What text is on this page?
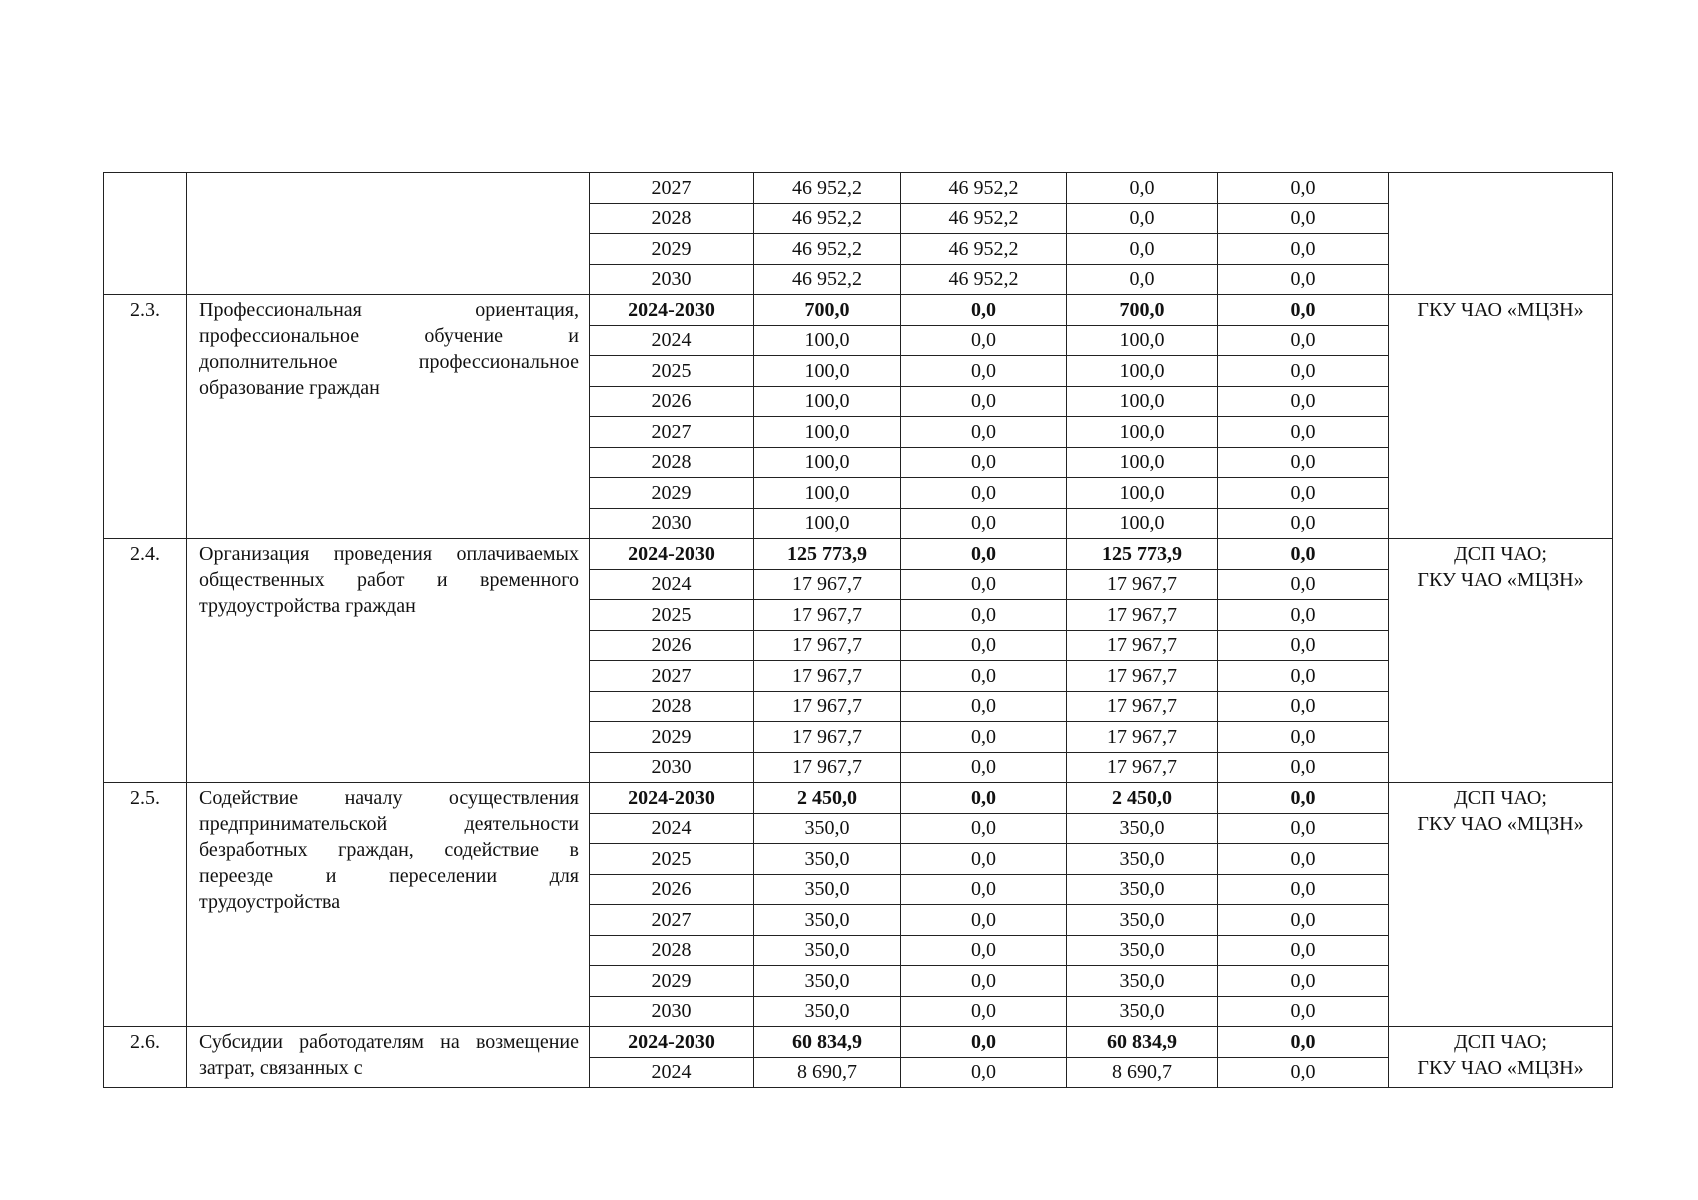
		2027	46 952,2	46 952,2	0,0	0,0	
		2028	46 952,2	46 952,2	0,0	0,0	
		2029	46 952,2	46 952,2	0,0	0,0	
		2030	46 952,2	46 952,2	0,0	0,0	
2.3.	Профессиональная ориентация, профессиональное обучение и дополнительное профессиональное образование граждан	2024-2030	700,0	0,0	700,0	0,0	ГКУ ЧАО «МЦЗН»
		2024	100,0	0,0	100,0	0,0	
		2025	100,0	0,0	100,0	0,0	
		2026	100,0	0,0	100,0	0,0	
		2027	100,0	0,0	100,0	0,0	
		2028	100,0	0,0	100,0	0,0	
		2029	100,0	0,0	100,0	0,0	
		2030	100,0	0,0	100,0	0,0	
2.4.	Организация проведения оплачиваемых общественных работ и временного трудоустройства граждан	2024-2030	125 773,9	0,0	125 773,9	0,0	ДСП ЧАО;
ГКУ ЧАО «МЦЗН»
		2024	17 967,7	0,0	17 967,7	0,0	
		2025	17 967,7	0,0	17 967,7	0,0	
		2026	17 967,7	0,0	17 967,7	0,0	
		2027	17 967,7	0,0	17 967,7	0,0	
		2028	17 967,7	0,0	17 967,7	0,0	
		2029	17 967,7	0,0	17 967,7	0,0	
		2030	17 967,7	0,0	17 967,7	0,0	
2.5.	Содействие началу осуществления предпринимательской деятельности безработных граждан, содействие в переезде и переселении для трудоустройства	2024-2030	2 450,0	0,0	2 450,0	0,0	ДСП ЧАО;
ГКУ ЧАО «МЦЗН»
		2024	350,0	0,0	350,0	0,0	
		2025	350,0	0,0	350,0	0,0	
		2026	350,0	0,0	350,0	0,0	
		2027	350,0	0,0	350,0	0,0	
		2028	350,0	0,0	350,0	0,0	
		2029	350,0	0,0	350,0	0,0	
		2030	350,0	0,0	350,0	0,0	
2.6.	Субсидии работодателям на возмещение затрат, связанных с	2024-2030	60 834,9	0,0	60 834,9	0,0	ДСП ЧАО;
ГКУ ЧАО «МЦЗН»
		2024	8 690,7	0,0	8 690,7	0,0	
